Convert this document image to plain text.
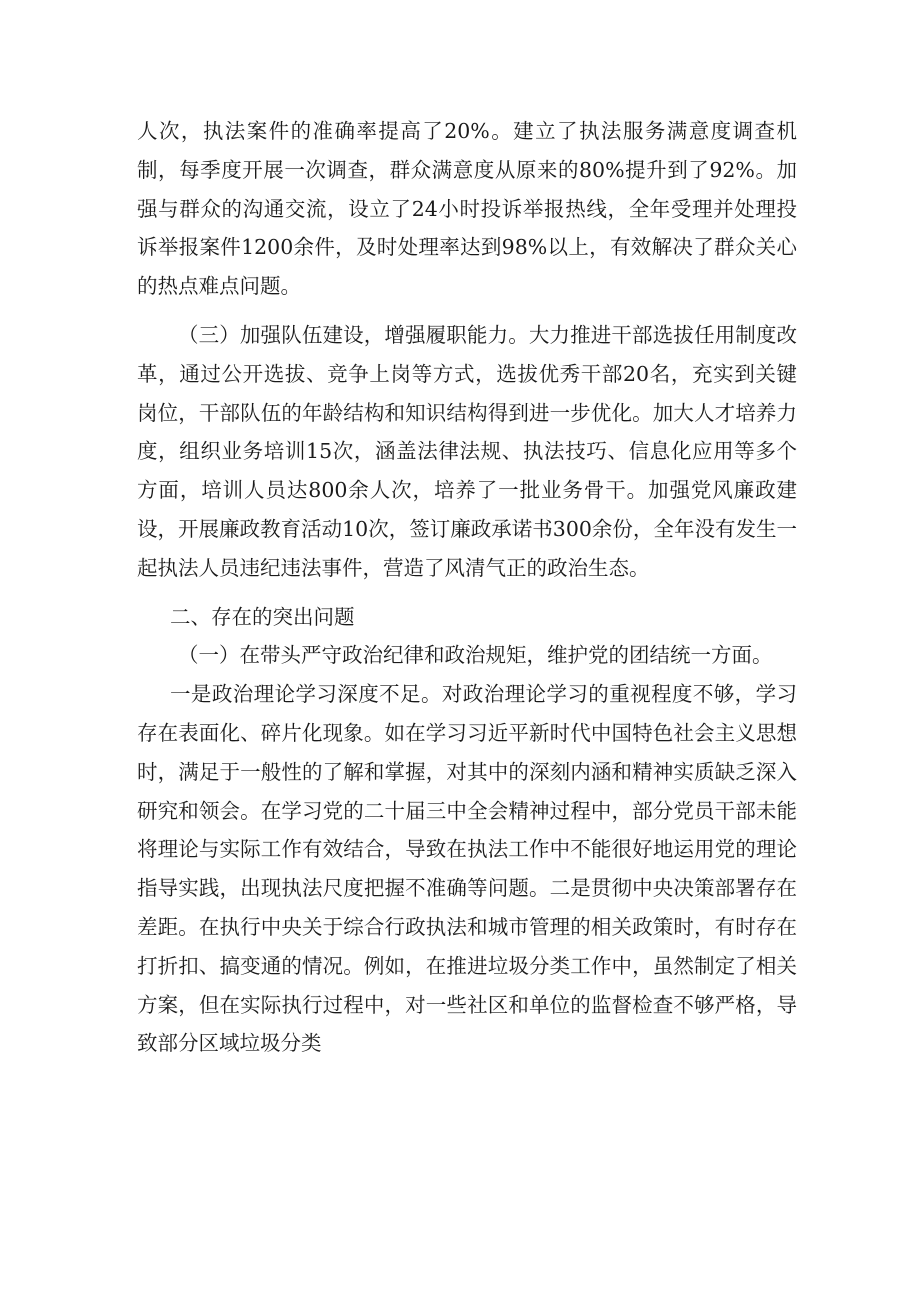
人次，执法案件的准确率提高了20%。建立了执法服务满意度调查机制，每季度开展一次调查，群众满意度从原来的80%提升到了92%。加强与群众的沟通交流，设立了24小时投诉举报热线，全年受理并处理投诉举报案件1200余件，及时处理率达到98%以上，有效解决了群众关心的热点难点问题。

（三）加强队伍建设，增强履职能力。大力推进干部选拔任用制度改革，通过公开选拔、竞争上岗等方式，选拔优秀干部20名，充实到关键岗位，干部队伍的年龄结构和知识结构得到进一步优化。加大人才培养力度，组织业务培训15次，涵盖法律法规、执法技巧、信息化应用等多个方面，培训人员达800余人次，培养了一批业务骨干。加强党风廉政建设，开展廉政教育活动10次，签订廉政承诺书300余份，全年没有发生一起执法人员违纪违法事件，营造了风清气正的政治生态。

二、存在的突出问题

（一）在带头严守政治纪律和政治规矩，维护党的团结统一方面。

一是政治理论学习深度不足。对政治理论学习的重视程度不够，学习存在表面化、碎片化现象。如在学习习近平新时代中国特色社会主义思想时，满足于一般性的了解和掌握，对其中的深刻内涵和精神实质缺乏深入研究和领会。在学习党的二十届三中全会精神过程中，部分党员干部未能将理论与实际工作有效结合，导致在执法工作中不能很好地运用党的理论指导实践，出现执法尺度把握不准确等问题。二是贯彻中央决策部署存在差距。在执行中央关于综合行政执法和城市管理的相关政策时，有时存在打折扣、搞变通的情况。例如，在推进垃圾分类工作中，虽然制定了相关方案，但在实际执行过程中，对一些社区和单位的监督检查不够严格，导致部分区域垃圾分类
